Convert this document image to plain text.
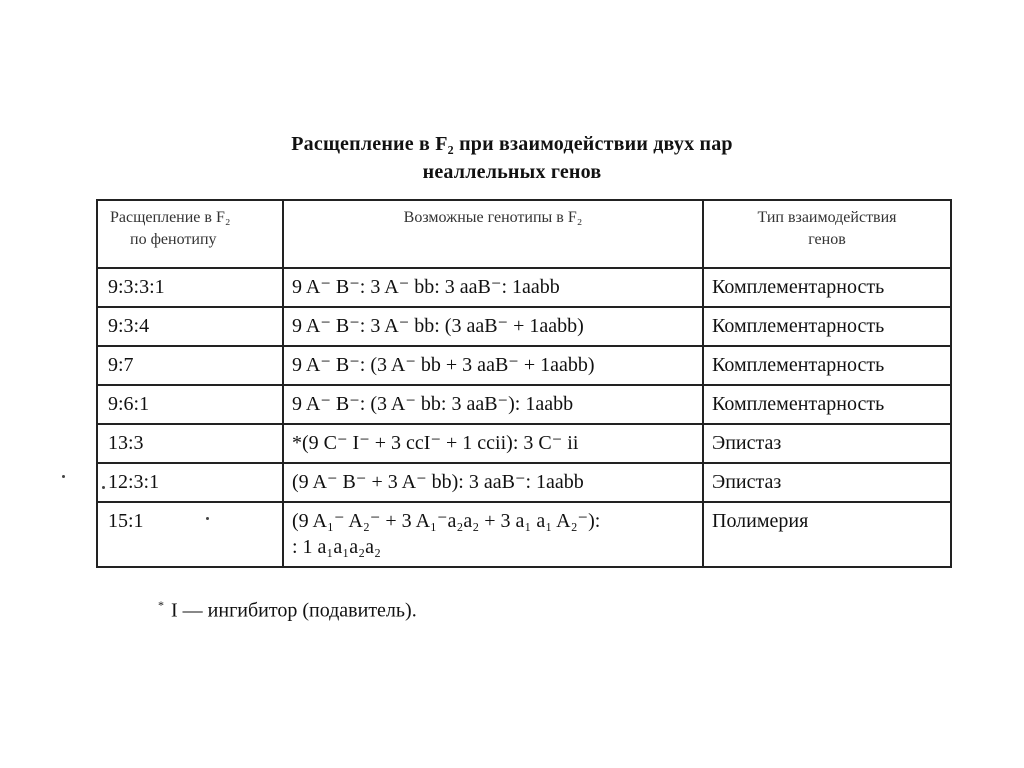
Расщепление в F₂ при взаимодействии двух пар
неаллельных генов
Расщепление в F₂
по фенотипу	Возможные генотипы в F₂	Тип взаимодействия
генов

9:3:3:1	9 A⁻ B⁻: 3 A⁻ bb: 3 aaB⁻: 1aabb	Комплементарность
9:3:4	9 A⁻ B⁻: 3 A⁻ bb: (3 aaB⁻ + 1aabb)	Комплементарность
9:7	9 A⁻ B⁻: (3 A⁻ bb + 3 aaB⁻ + 1aabb)	Комплементарность
9:6:1	9 A⁻ B⁻: (3 A⁻ bb: 3 aaB⁻): 1aabb	Комплементарность
13:3	*(9 C⁻ I⁻ + 3 ccI⁻ + 1 ccii): 3 C⁻ ii	Эпистаз
12:3:1	(9 A⁻ B⁻ + 3 A⁻ bb): 3 aaB⁻: 1aabb	Эпистаз
15:1	(9 A₁⁻ A₂⁻ + 3 A₁⁻a₂a₂ + 3 a₁ a₁ A₂⁻):
: 1 a₁a₁a₂a₂	Полимерия
* I — ингибитор (подавитель).
